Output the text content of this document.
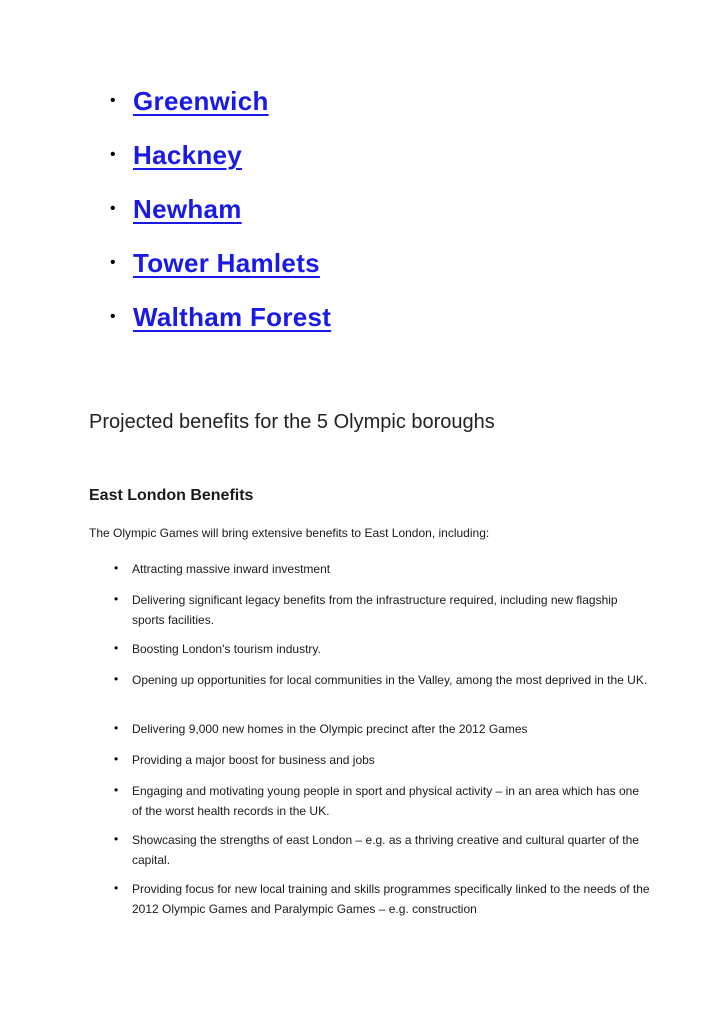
• Greenwich
• Hackney
• Newham
• Tower Hamlets
• Waltham Forest
Projected benefits for the 5 Olympic boroughs
East London Benefits

The Olympic Games will bring extensive benefits to East London, including:

• Attracting massive inward investment
• Delivering significant legacy benefits from the infrastructure required, including new flagship sports facilities.
• Boosting London's tourism industry.
• Opening up opportunities for local communities in the Valley, among the most deprived in the UK.
• Delivering 9,000 new homes in the Olympic precinct after the 2012 Games
• Providing a major boost for business and jobs
• Engaging and motivating young people in sport and physical activity – in an area which has one of the worst health records in the UK.
• Showcasing the strengths of east London – e.g. as a thriving creative and cultural quarter of the capital.
• Providing focus for new local training and skills programmes specifically linked to the needs of the 2012 Olympic Games and Paralympic Games – e.g. construction
